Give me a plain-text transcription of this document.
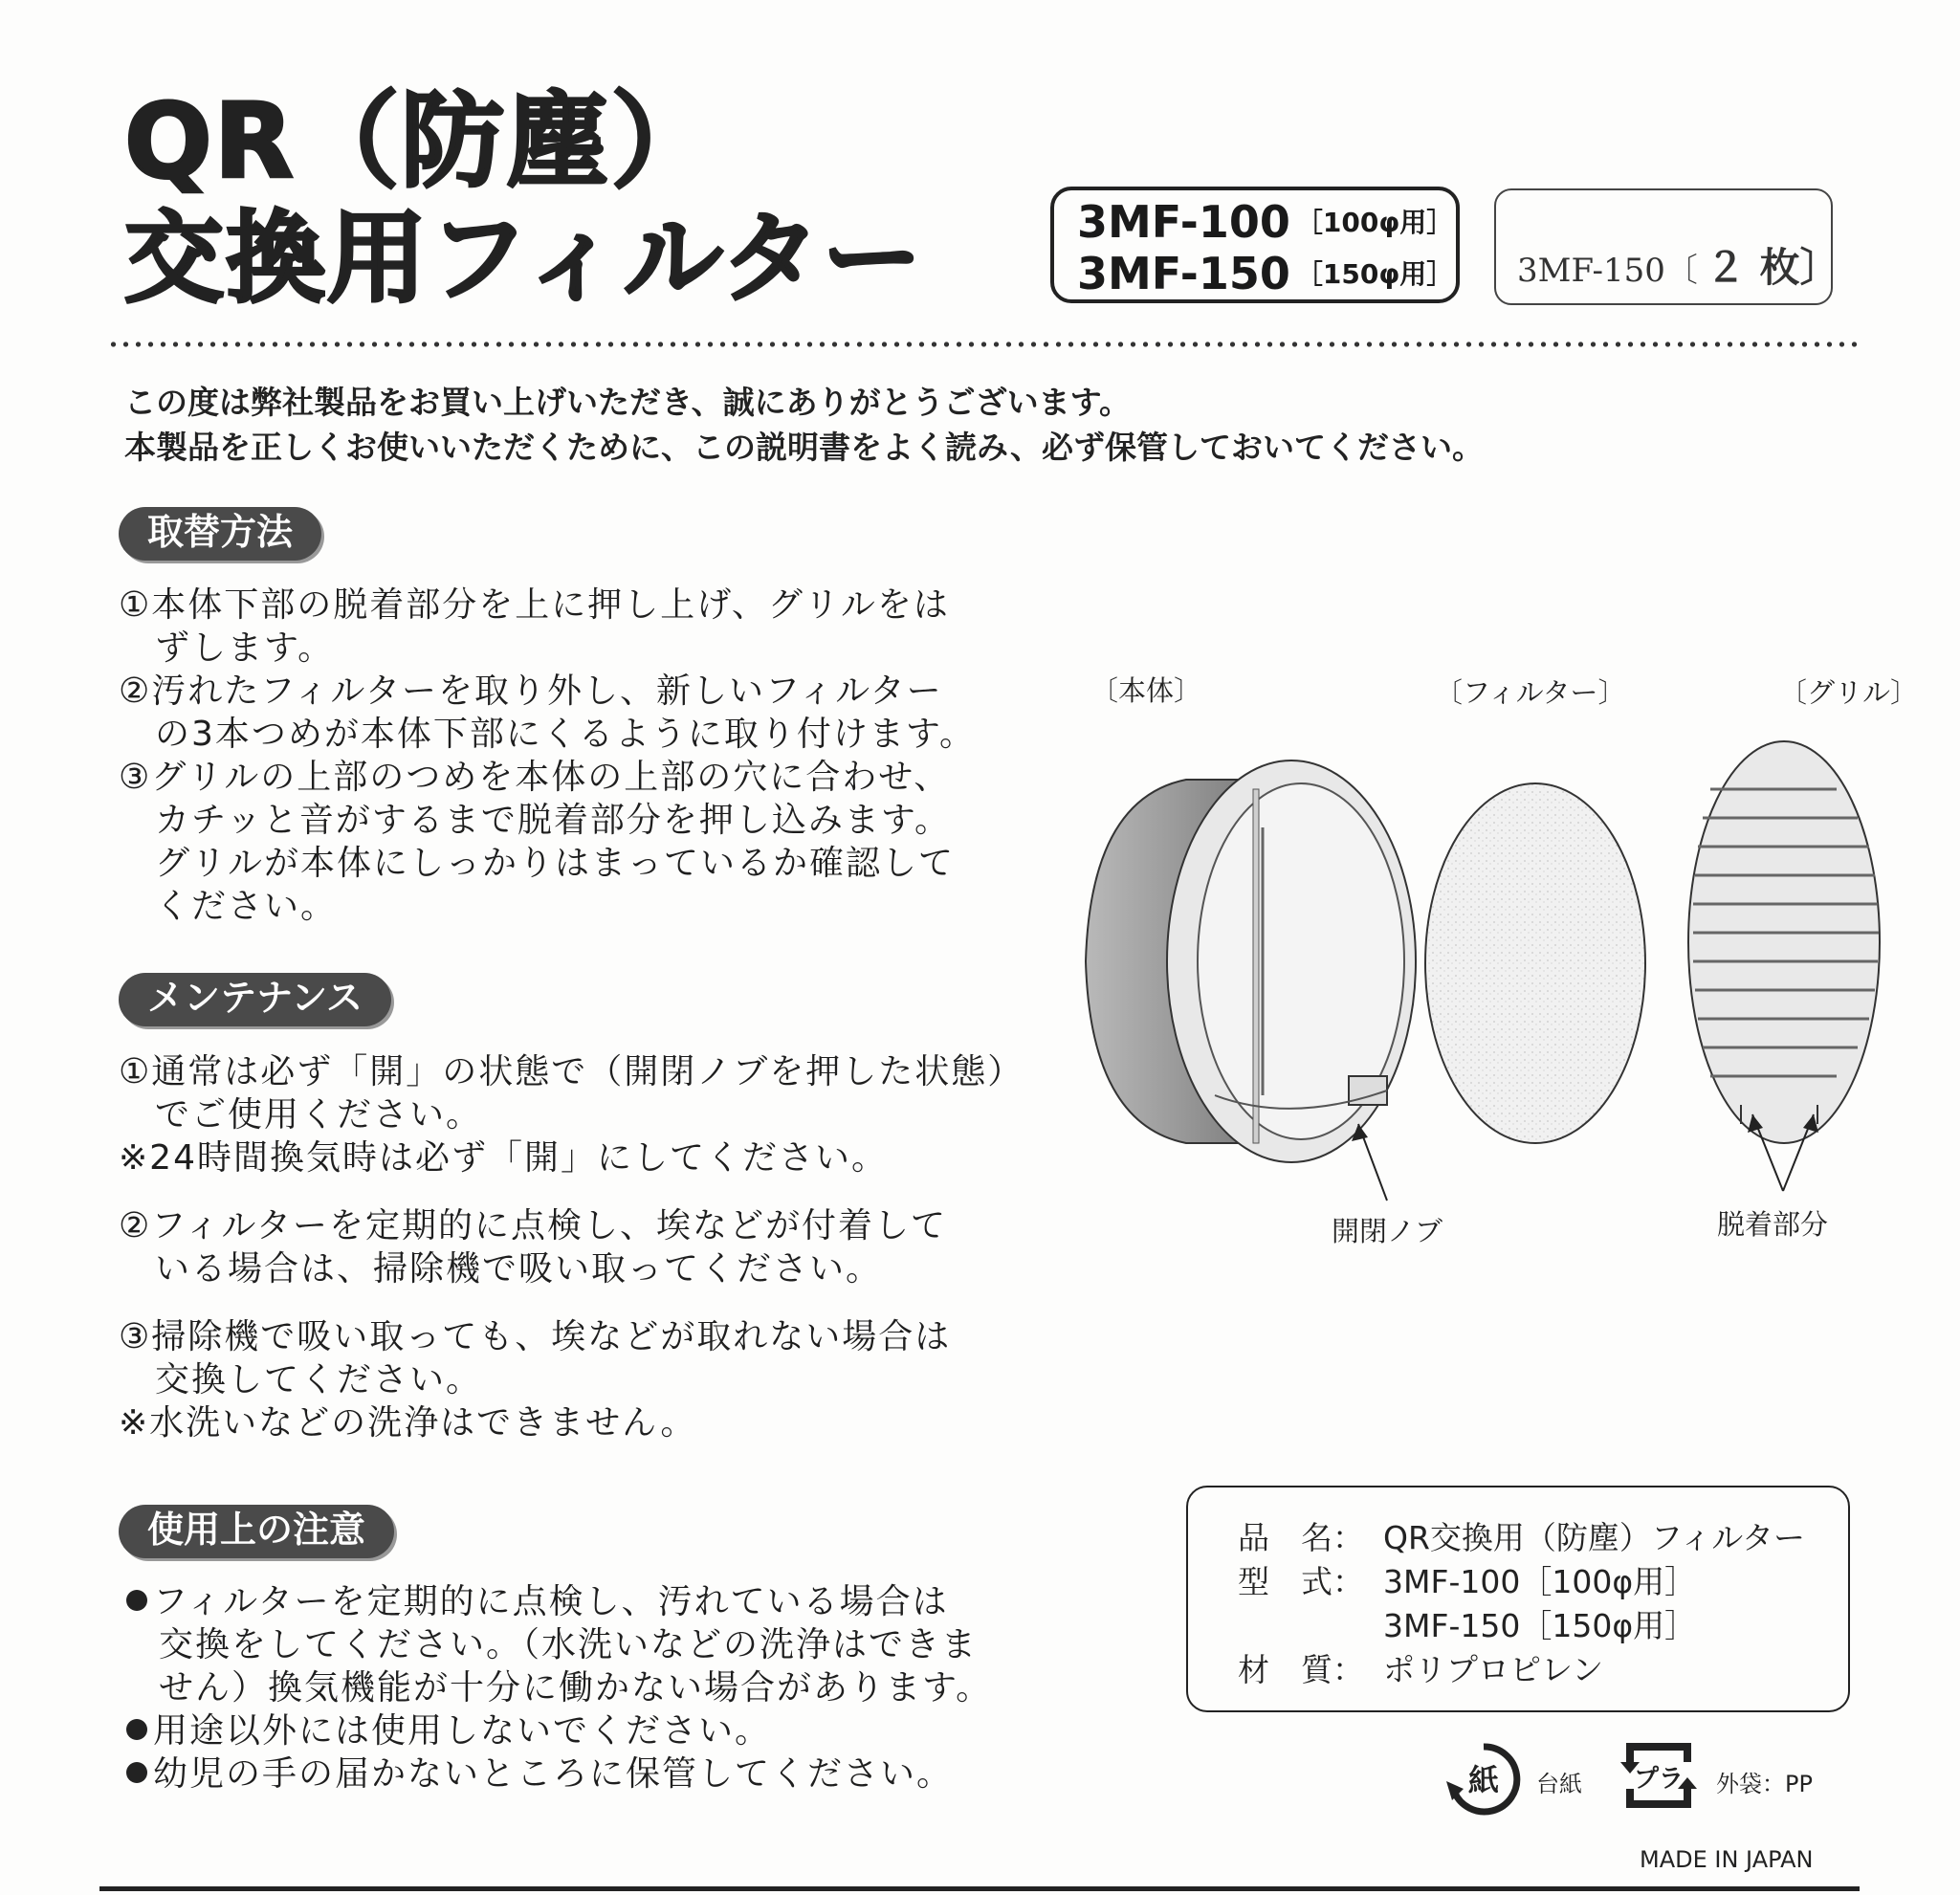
QR（防塵）
交換用フィルター	3MF-100 ［100φ用］
3MF-150 ［150φ用］	3MF-150〔 ２ 枚〕
この度は弊社製品をお買い上げいただき、誠にありがとうございます。
本製品を正しくお使いいただくために、この説明書をよく読み、必ず保管しておいてください。
取替方法
①本体下部の脱着部分を上に押し上げ、グリルをは
　ずします。
②汚れたフィルターを取り外し、新しいフィルター
　の3本つめが本体下部にくるように取り付けます。
③グリルの上部のつめを本体の上部の穴に合わせ、
　カチッと音がするまで脱着部分を押し込みます。
　グリルが本体にしっかりはまっているか確認して
　ください。
メンテナンス
①通常は必ず「開」の状態で（開閉ノブを押した状態）
　でご使用ください。
※24時間換気時は必ず「開」にしてください。
②フィルターを定期的に点検し、埃などが付着して
　いる場合は、掃除機で吸い取ってください。
③掃除機で吸い取っても、埃などが取れない場合は
　交換してください。
※水洗いなどの洗浄はできません。
使用上の注意
フィルターを定期的に点検し、汚れている場合は
交換をしてください。（水洗いなどの洗浄はできま
せん）換気機能が十分に働かない場合があります。
用途以外には使用しないでください。
幼児の手の届かないところに保管してください。
〔本体〕	〔フィルター〕	〔グリル〕
開閉ノブ	脱着部分
品　名： QR交換用（防塵）フィルター
型　式： 3MF-100［100φ用］
3MF-150［150φ用］
材　質： ポリプロピレン
紙 台紙 プラ 外袋：PP
MADE IN JAPAN
